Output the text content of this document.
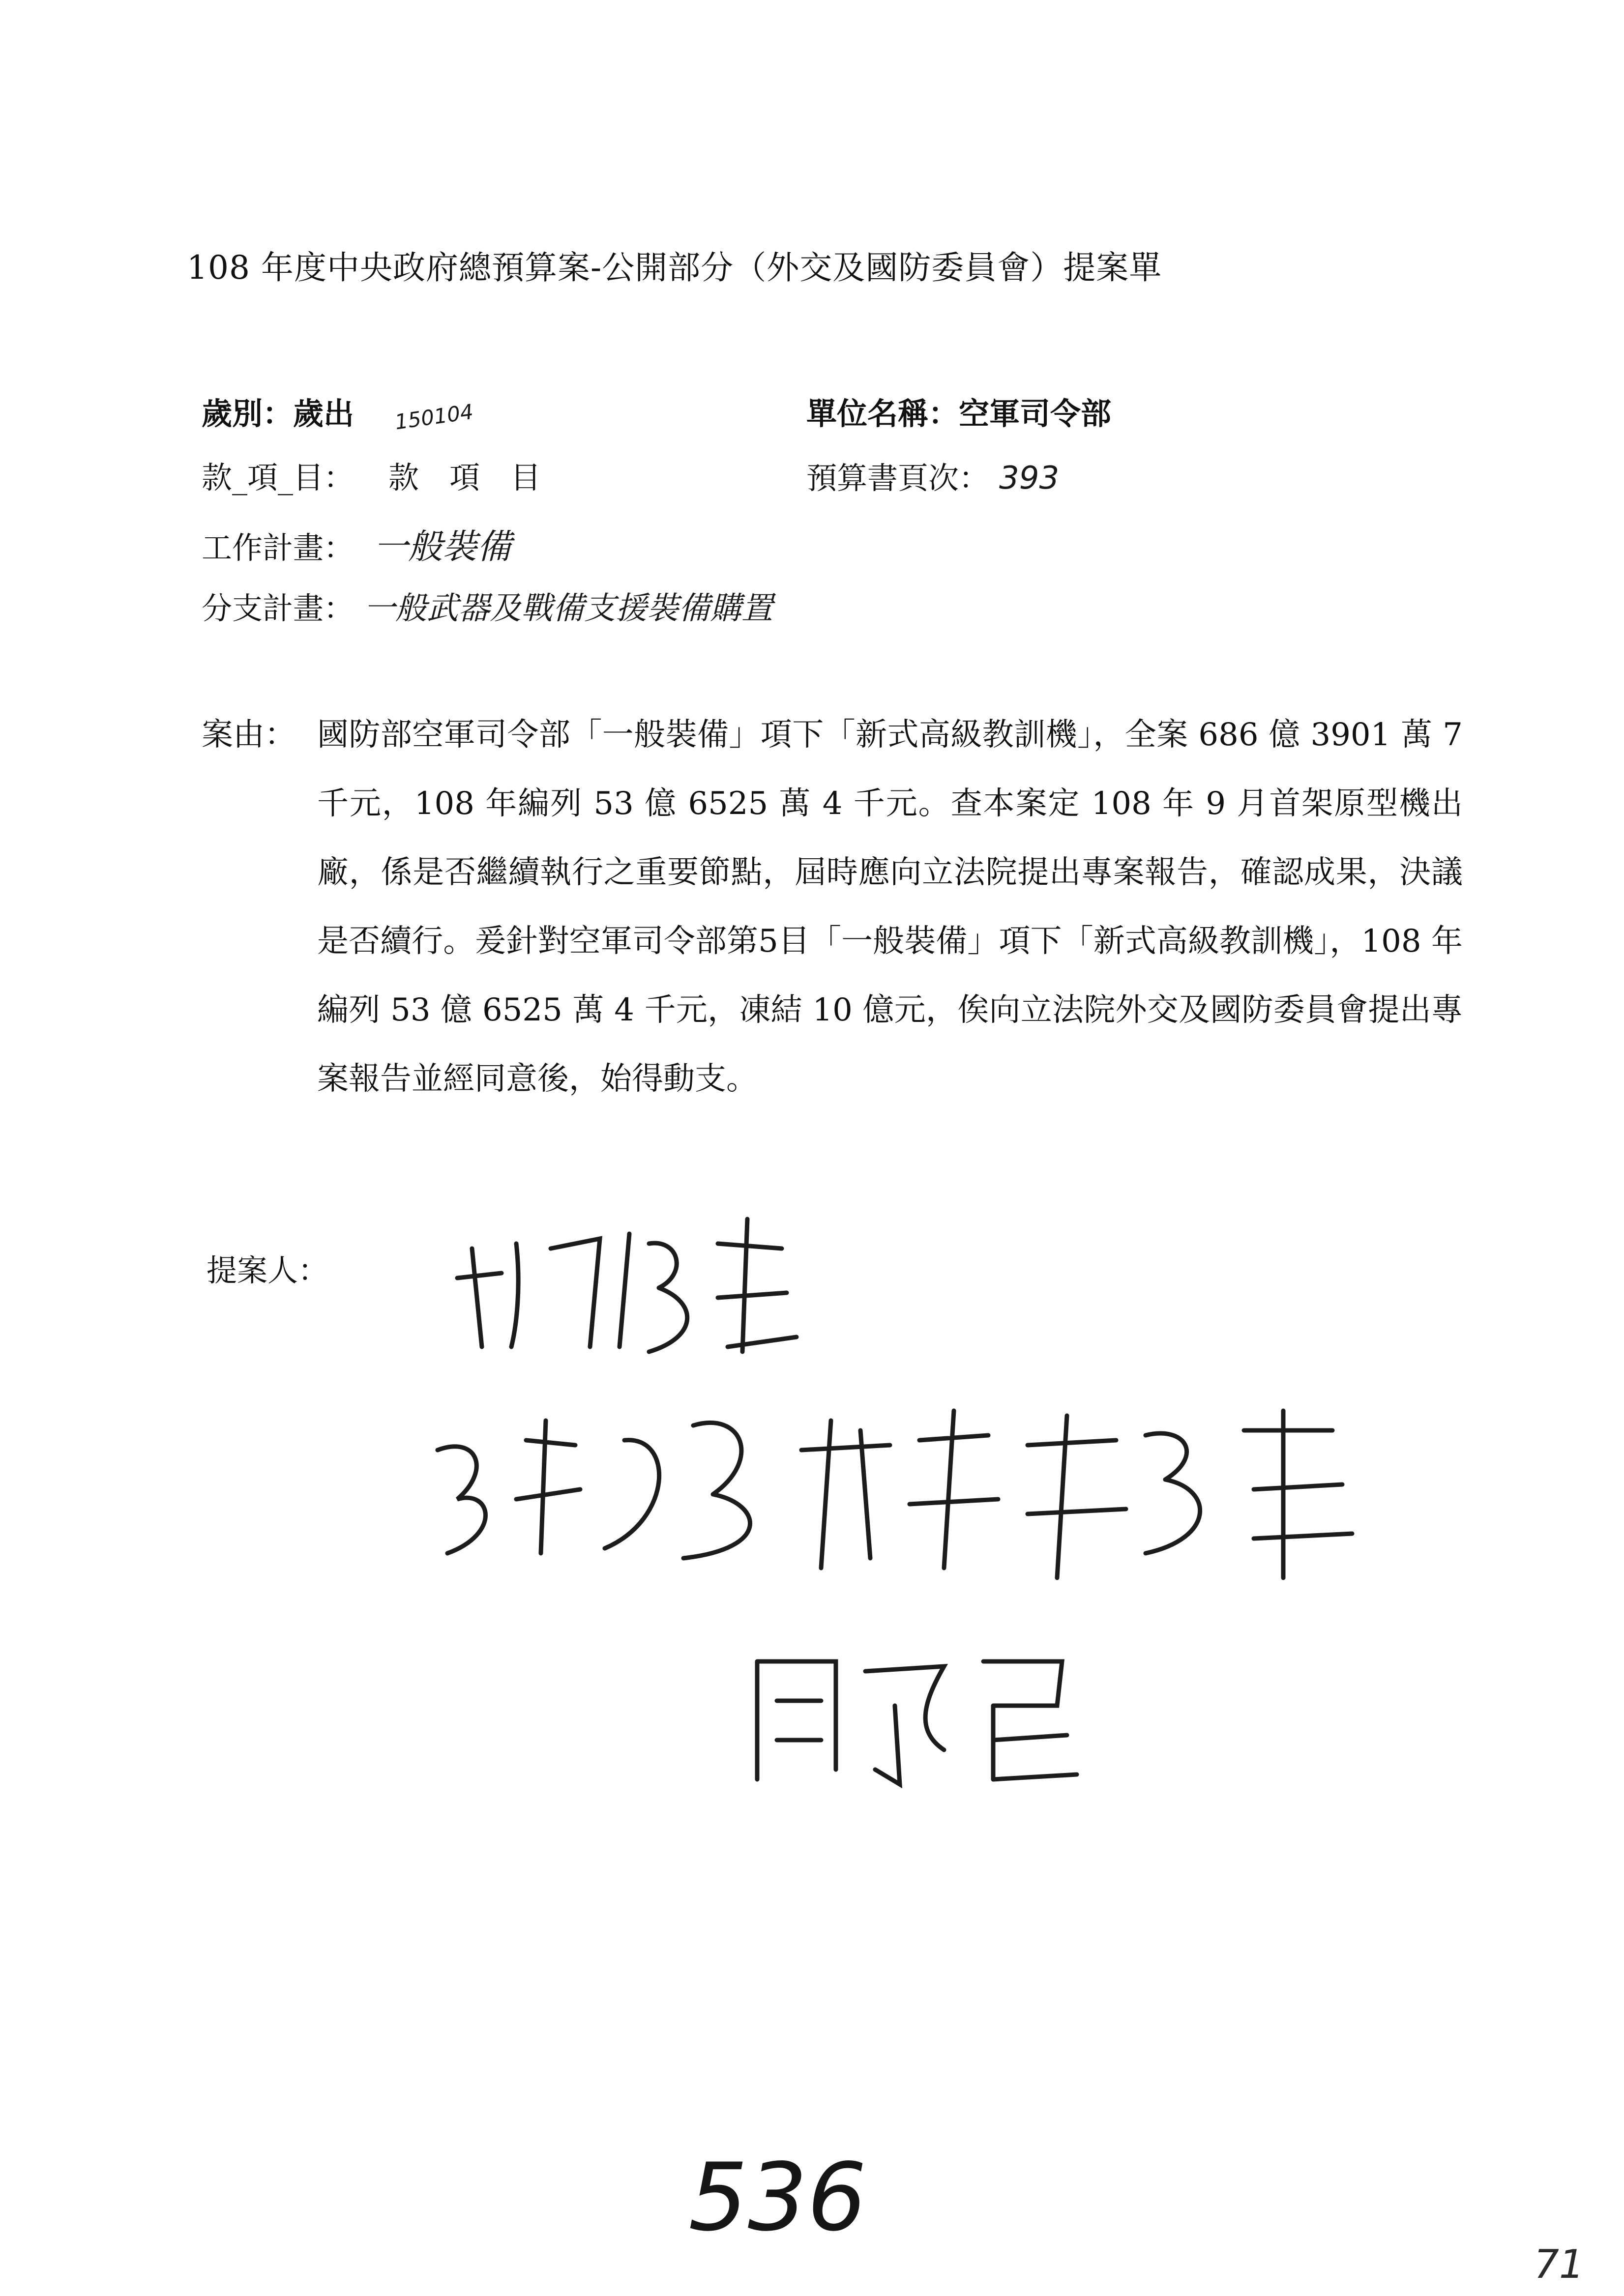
108 年度中央政府總預算案-公開部分（外交及國防委員會）提案單
歲別：歲出 150104	單位名稱：空軍司令部
款_項_目： 款　項　目	預算書頁次： 393
工作計畫： 一般裝備
分支計畫： 一般武器及戰備支援裝備購置
案由： 國防部空軍司令部「一般裝備」項下「新式高級教訓機」，全案 686 億 3901 萬 7 千元，108 年編列 53 億 6525 萬 4 千元。查本案定 108 年 9 月首架原型機出廠，係是否繼續執行之重要節點，屆時應向立法院提出專案報告，確認成果，決議是否續行。爰針對空軍司令部第5目「一般裝備」項下「新式高級教訓機」，108 年編列 53 億 6525 萬 4 千元，凍結 10 億元，俟向立法院外交及國防委員會提出專案報告並經同意後，始得動支。
提案人：
536
71
